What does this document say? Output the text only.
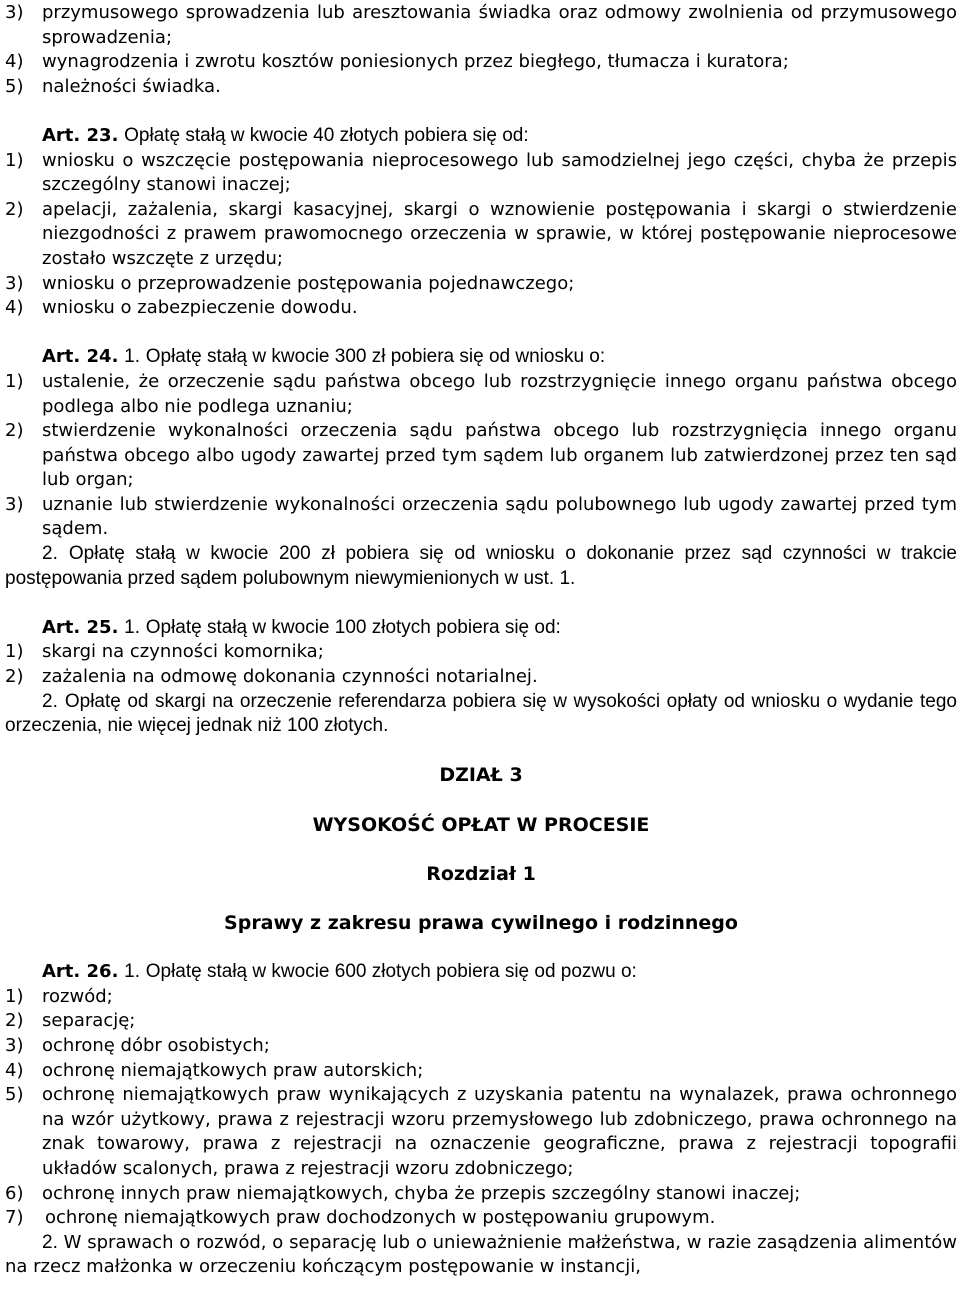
3)	przymusowego sprowadzenia lub aresztowania świadka oraz odmowy zwolnienia od przymusowego sprowadzenia;
4)	wynagrodzenia i zwrotu kosztów poniesionych przez biegłego, tłumacza i kuratora;
5)	należności świadka.
Art. 23. Opłatę stałą w kwocie 40 złotych pobiera się od:
1)	wniosku o wszczęcie postępowania nieprocesowego lub samodzielnej jego części, chyba że przepis szczególny stanowi inaczej;
2)	apelacji, zażalenia, skargi kasacyjnej, skargi o wznowienie postępowania i skargi o stwierdzenie niezgodności z prawem prawomocnego orzeczenia w sprawie, w której postępowanie nieprocesowe zostało wszczęte z urzędu;
3)	wniosku o przeprowadzenie postępowania pojednawczego;
4)	wniosku o zabezpieczenie dowodu.
Art. 24. 1. Opłatę stałą w kwocie 300 zł pobiera się od wniosku o:
1)	ustalenie, że orzeczenie sądu państwa obcego lub rozstrzygnięcie innego organu państwa obcego podlega albo nie podlega uznaniu;
2)	stwierdzenie wykonalności orzeczenia sądu państwa obcego lub rozstrzygnięcia innego organu państwa obcego albo ugody zawartej przed tym sądem lub organem lub zatwierdzonej przez ten sąd lub organ;
3)	uznanie lub stwierdzenie wykonalności orzeczenia sądu polubownego lub ugody zawartej przed tym sądem.
2. Opłatę stałą w kwocie 200 zł pobiera się od wniosku o dokonanie przez sąd czynności w trakcie postępowania przed sądem polubownym niewymienionych w ust. 1.
Art. 25. 1. Opłatę stałą w kwocie 100 złotych pobiera się od:
1)	skargi na czynności komornika;
2)	zażalenia na odmowę dokonania czynności notarialnej.
2. Opłatę od skargi na orzeczenie referendarza pobiera się w wysokości opłaty od wniosku o wydanie tego orzeczenia, nie więcej jednak niż 100 złotych.
DZIAŁ 3
WYSOKOŚĆ OPŁAT W PROCESIE
Rozdział 1
Sprawy z zakresu prawa cywilnego i rodzinnego
Art. 26. 1. Opłatę stałą w kwocie 600 złotych pobiera się od pozwu o:
1)	rozwód;
2)	separację;
3)	ochronę dóbr osobistych;
4)	ochronę niemajątkowych praw autorskich;
5)	ochronę niemajątkowych praw wynikających z uzyskania patentu na wynalazek, prawa ochronnego na wzór użytkowy, prawa z rejestracji wzoru przemysłowego lub zdobniczego, prawa ochronnego na znak towarowy, prawa z rejestracji na oznaczenie geograficzne, prawa z rejestracji topografii układów scalonych, prawa z rejestracji wzoru zdobniczego;
6)	ochronę innych praw niemajątkowych, chyba że przepis szczególny stanowi inaczej;
7)	ochronę niemajątkowych praw dochodzonych w postępowaniu grupowym.
2. W sprawach o rozwód, o separację lub o unieważnienie małżeństwa, w razie zasądzenia alimentów na rzecz małżonka w orzeczeniu kończącym postępowanie w instancji,
